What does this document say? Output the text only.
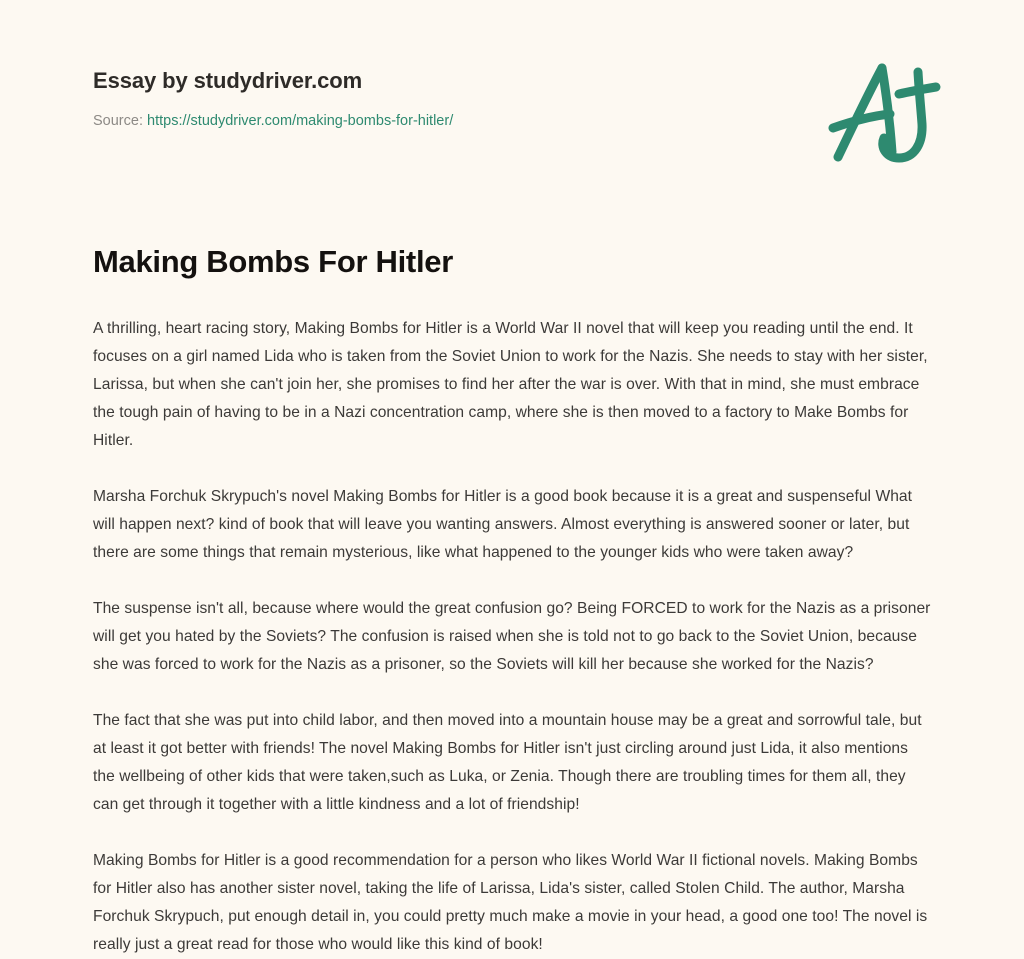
Essay by studydriver.com
Source: https://studydriver.com/making-bombs-for-hitler/
Making Bombs For Hitler

A thrilling, heart racing story, Making Bombs for Hitler is a World War II novel that will keep you reading until the end. It focuses on a girl named Lida who is taken from the Soviet Union to work for the Nazis. She needs to stay with her sister, Larissa, but when she can't join her, she promises to find her after the war is over. With that in mind, she must embrace the tough pain of having to be in a Nazi concentration camp, where she is then moved to a factory to Make Bombs for Hitler.

Marsha Forchuk Skrypuch's novel Making Bombs for Hitler is a good book because it is a great and suspenseful What will happen next? kind of book that will leave you wanting answers. Almost everything is answered sooner or later, but there are some things that remain mysterious, like what happened to the younger kids who were taken away?

The suspense isn't all, because where would the great confusion go? Being FORCED to work for the Nazis as a prisoner will get you hated by the Soviets? The confusion is raised when she is told not to go back to the Soviet Union, because she was forced to work for the Nazis as a prisoner, so the Soviets will kill her because she worked for the Nazis?

The fact that she was put into child labor, and then moved into a mountain house may be a great and sorrowful tale, but at least it got better with friends! The novel Making Bombs for Hitler isn't just circling around just Lida, it also mentions the wellbeing of other kids that were taken,such as Luka, or Zenia. Though there are troubling times for them all, they can get through it together with a little kindness and a lot of friendship!

Making Bombs for Hitler is a good recommendation for a person who likes World War II fictional novels. Making Bombs for Hitler also has another sister novel, taking the life of Larissa, Lida's sister, called Stolen Child. The author, Marsha Forchuk Skrypuch, put enough detail in, you could pretty much make a movie in your head, a good one too! The novel is really just a great read for those who would like this kind of book!
